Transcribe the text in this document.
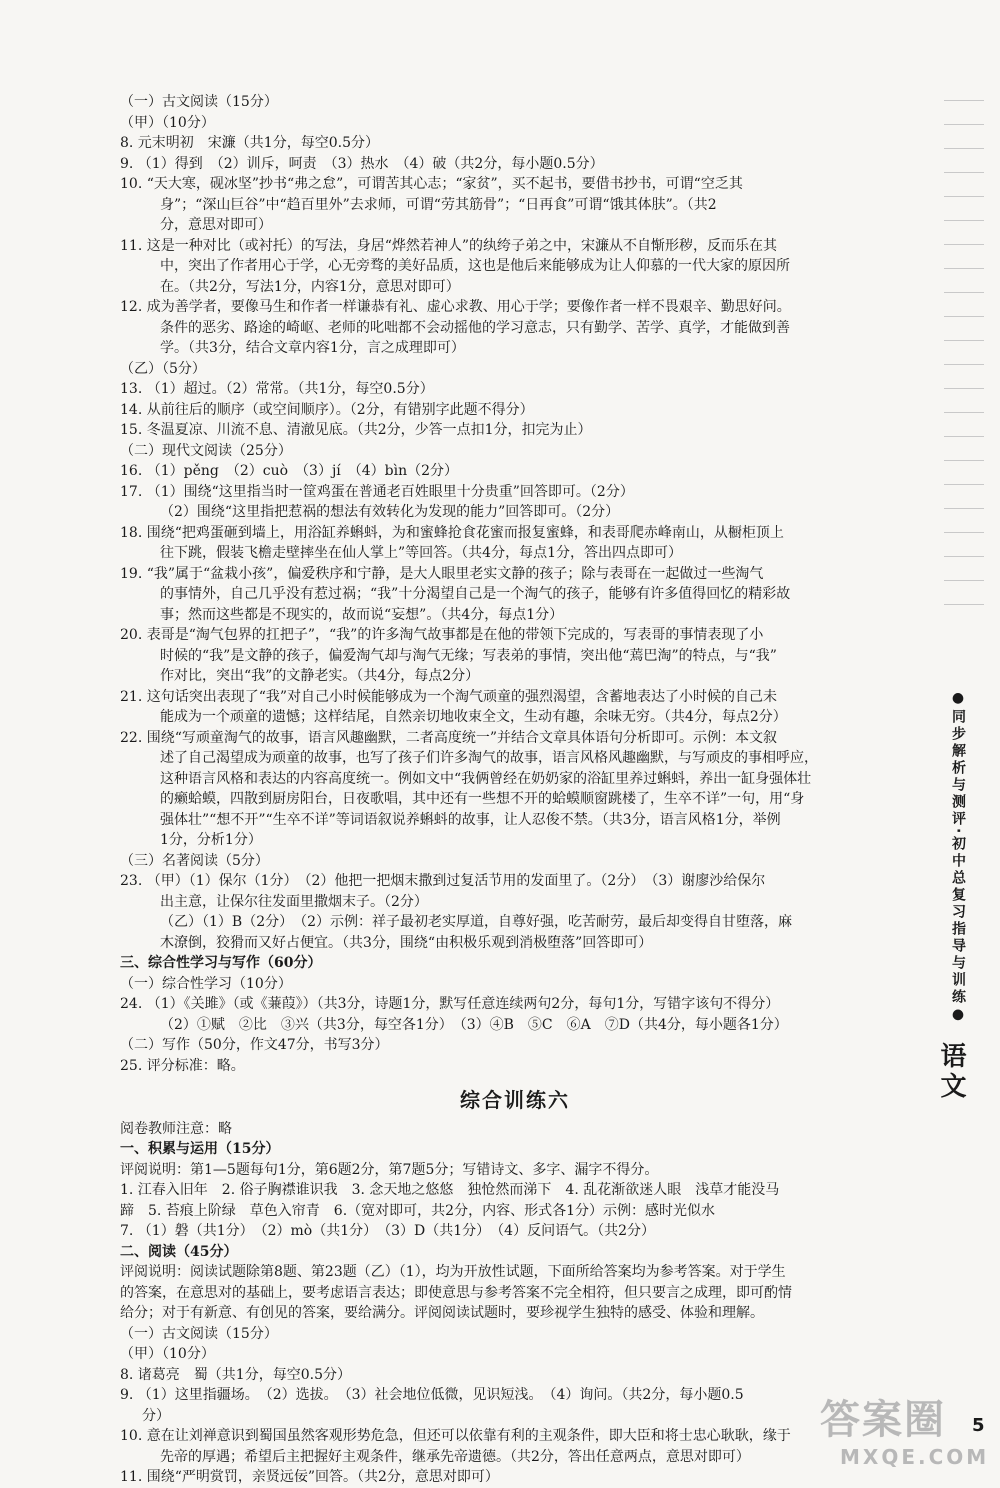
（一）古文阅读（15分）
（甲）（10分）
8. 元末明初　宋濂（共1分，每空0.5分）
9. （1）得到　（2）训斥，呵责　（3）热水　（4）破（共2分，每小题0.5分）
10. “天大寒，砚冰坚”抄书“弗之怠”，可谓苦其心志；“家贫”，买不起书，要借书抄书，可谓“空乏其
身”；“深山巨谷”中“趋百里外”去求师，可谓“劳其筋骨”；“日再食”可谓“饿其体肤”。（共2
分，意思对即可）
11. 这是一种对比（或衬托）的写法，身居“烨然若神人”的纨绔子弟之中，宋濂从不自惭形秽，反而乐在其
中，突出了作者用心于学，心无旁骛的美好品质，这也是他后来能够成为让人仰慕的一代大家的原因所
在。（共2分，写法1分，内容1分，意思对即可）
12. 成为善学者，要像马生和作者一样谦恭有礼、虚心求教、用心于学；要像作者一样不畏艰辛、勤思好问。
条件的恶劣、路途的崎岖、老师的叱咄都不会动摇他的学习意志，只有勤学、苦学、真学，才能做到善
学。（共3分，结合文章内容1分，言之成理即可）
（乙）（5分）
13. （1）超过。（2）常常。（共1分，每空0.5分）
14. 从前往后的顺序（或空间顺序）。（2分，有错别字此题不得分）
15. 冬温夏凉、川流不息、清澈见底。（共2分，少答一点扣1分，扣完为止）
（二）现代文阅读（25分）
16. （1）pěng　（2）cuò　（3）jí　（4）bìn（2分）
17. （1）围绕“这里指当时一筐鸡蛋在普通老百姓眼里十分贵重”回答即可。（2分）
（2）围绕“这里指把惹祸的想法有效转化为发现的能力”回答即可。（2分）
18. 围绕“把鸡蛋砸到墙上，用浴缸养蝌蚪，为和蜜蜂抢食花蜜而报复蜜蜂，和表哥爬赤峰南山，从橱柜顶上
往下跳，假装飞檐走壁摔坐在仙人掌上”等回答。（共4分，每点1分，答出四点即可）
19. “我”属于“盆栽小孩”，偏爱秩序和宁静，是大人眼里老实文静的孩子；除与表哥在一起做过一些淘气
的事情外，自己几乎没有惹过祸；“我”十分渴望自己是一个淘气的孩子，能够有许多值得回忆的精彩故
事；然而这些都是不现实的，故而说“妄想”。（共4分，每点1分）
20. 表哥是“淘气包界的扛把子”，“我”的许多淘气故事都是在他的带领下完成的，写表哥的事情表现了小
时候的“我”是文静的孩子，偏爱淘气却与淘气无缘；写表弟的事情，突出他“蔫巴淘”的特点，与“我”
作对比，突出“我”的文静老实。（共4分，每点2分）
21. 这句话突出表现了“我”对自己小时候能够成为一个淘气顽童的强烈渴望，含蓄地表达了小时候的自己未
能成为一个顽童的遗憾；这样结尾，自然亲切地收束全文，生动有趣，余味无穷。（共4分，每点2分）
22. 围绕“写顽童淘气的故事，语言风趣幽默，二者高度统一”并结合文章具体语句分析即可。示例：本文叙
述了自己渴望成为顽童的故事，也写了孩子们许多淘气的故事，语言风格风趣幽默，与写顽皮的事相呼应，
这种语言风格和表达的内容高度统一。例如文中“我俩曾经在奶奶家的浴缸里养过蝌蚪，养出一缸身强体壮
的癞蛤蟆，四散到厨房阳台，日夜歌唱，其中还有一些想不开的蛤蟆顺窗跳楼了，生卒不详”一句，用“身
强体壮”“想不开”“生卒不详”等词语叙说养蝌蚪的故事，让人忍俊不禁。（共3分，语言风格1分，举例
1分，分析1分）
（三）名著阅读（5分）
23. （甲）（1）保尔（1分）　（2）他把一把烟末撒到过复活节用的发面里了。（2分）　（3）谢廖沙给保尔
出主意，让保尔往发面里撒烟末子。（2分）
（乙）（1）B（2分）　（2）示例：祥子最初老实厚道，自尊好强，吃苦耐劳，最后却变得自甘堕落，麻
木潦倒，狡猾而又好占便宜。（共3分，围绕“由积极乐观到消极堕落”回答即可）
三、综合性学习与写作（60分）
（一）综合性学习（10分）
24. （1）《关雎》（或《蒹葭》）（共3分，诗题1分，默写任意连续两句2分，每句1分，写错字该句不得分）
（2）①赋　②比　③兴（共3分，每空各1分）　（3）④B　⑤C　⑥A　⑦D（共4分，每小题各1分）
（二）写作（50分，作文47分，书写3分）
25. 评分标准：略。
综合训练六
阅卷教师注意：略
一、积累与运用（15分）
评阅说明：第1—5题每句1分，第6题2分，第7题5分；写错诗文、多字、漏字不得分。
1. 江春入旧年　2. 俗子胸襟谁识我　3. 念天地之悠悠　独怆然而涕下　4. 乱花渐欲迷人眼　浅草才能没马
蹄　5. 苔痕上阶绿　草色入帘青　6.（宽对即可，共2分，内容、形式各1分）示例：感时光似水
7. （1）磐（共1分）　（2）mò（共1分）　（3）D（共1分）　（4）反问语气。（共2分）
二、阅读（45分）
评阅说明：阅读试题除第8题、第23题（乙）（1），均为开放性试题，下面所给答案均为参考答案。对于学生
的答案，在意思对的基础上，要考虑语言表达；即使意思与参考答案不完全相符，但只要言之成理，即可酌情
给分；对于有新意、有创见的答案，要给满分。评阅阅读试题时，要珍视学生独特的感受、体验和理解。
（一）古文阅读（15分）
（甲）（10分）
8. 诸葛亮　蜀（共1分，每空0.5分）
9. （1）这里指疆场。　（2）选拔。　（3）社会地位低微，见识短浅。　（4）询问。（共2分，每小题0.5
分）
10. 意在让刘禅意识到蜀国虽然客观形势危急，但还可以依靠有利的主观条件，即大臣和将士忠心耿耿，缘于
先帝的厚遇；希望后主把握好主观条件，继承先帝遗德。（共2分，答出任意两点，意思对即可）
11. 围绕“严明赏罚，亲贤远佞”回答。（共2分，意思对即可）
●同步解析与测评·初中总复习指导与训练●
语文
答案圈
MXQE.COM
5
